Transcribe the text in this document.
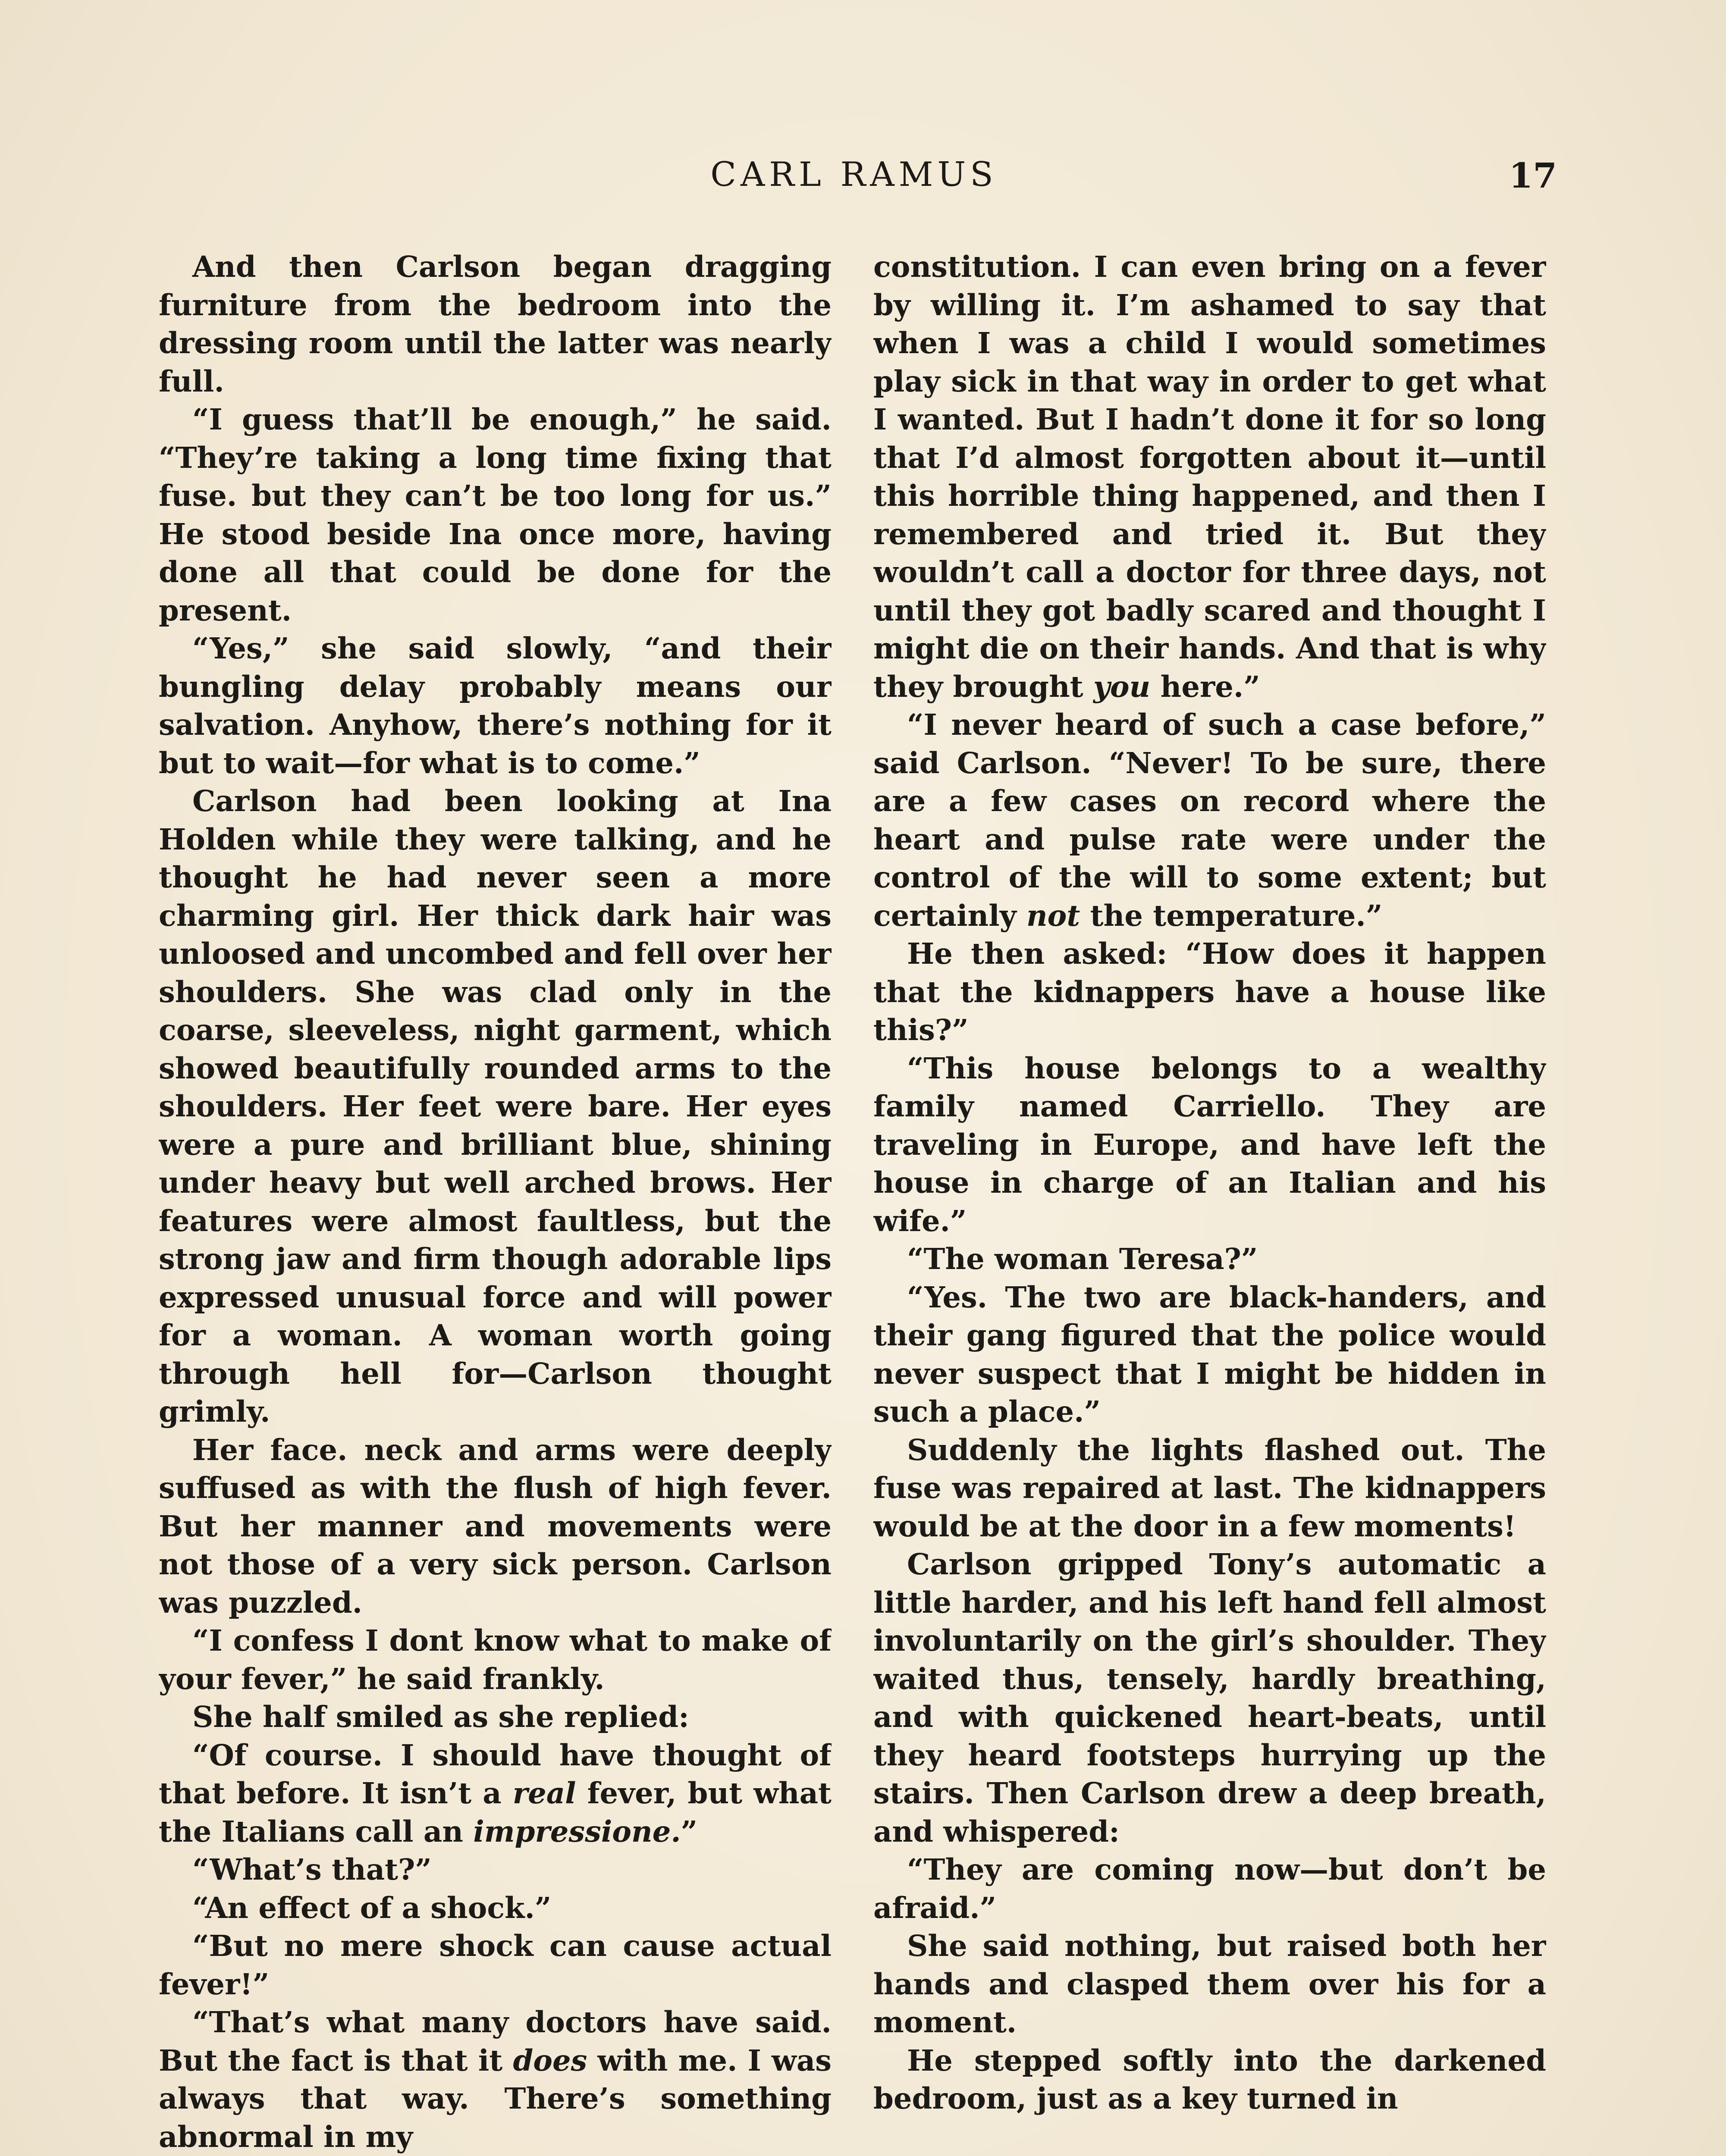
CARL RAMUS	17

And then Carlson began dragging furniture from the bedroom into the dressing room until the latter was nearly full.

“I guess that’ll be enough,” he said. “They’re taking a long time fixing that fuse. but they can’t be too long for us.” He stood beside Ina once more, having done all that could be done for the present.

“Yes,” she said slowly, “and their bungling delay probably means our salvation. Anyhow, there’s nothing for it but to wait—for what is to come.”

Carlson had been looking at Ina Holden while they were talking, and he thought he had never seen a more charming girl. Her thick dark hair was unloosed and uncombed and fell over her shoulders. She was clad only in the coarse, sleeveless, night garment, which showed beautifully rounded arms to the shoulders. Her feet were bare. Her eyes were a pure and brilliant blue, shining under heavy but well arched brows. Her features were almost faultless, but the strong jaw and firm though adorable lips expressed unusual force and will power for a woman. A woman worth going through hell for—Carlson thought grimly.

Her face. neck and arms were deeply suffused as with the flush of high fever. But her manner and movements were not those of a very sick person. Carlson was puzzled.

“I confess I dont know what to make of your fever,” he said frankly.

She half smiled as she replied:

“Of course. I should have thought of that before. It isn’t a real fever, but what the Italians call an impressione.”

“What’s that?”

“An effect of a shock.”

“But no mere shock can cause actual fever!”

“That’s what many doctors have said. But the fact is that it does with me. I was always that way. There’s something abnormal in my

constitution. I can even bring on a fever by willing it. I’m ashamed to say that when I was a child I would sometimes play sick in that way in order to get what I wanted. But I hadn’t done it for so long that I’d almost forgotten about it—until this horrible thing happened, and then I remembered and tried it. But they wouldn’t call a doctor for three days, not until they got badly scared and thought I might die on their hands. And that is why they brought you here.”

“I never heard of such a case before,” said Carlson. “Never! To be sure, there are a few cases on record where the heart and pulse rate were under the control of the will to some extent; but certainly not the temperature.”

He then asked: “How does it happen that the kidnappers have a house like this?”

“This house belongs to a wealthy family named Carriello. They are traveling in Europe, and have left the house in charge of an Italian and his wife.”

“The woman Teresa?”

“Yes. The two are black-handers, and their gang figured that the police would never suspect that I might be hidden in such a place.”

Suddenly the lights flashed out. The fuse was repaired at last. The kidnappers would be at the door in a few moments!

Carlson gripped Tony’s automatic a little harder, and his left hand fell almost involuntarily on the girl’s shoulder. They waited thus, tensely, hardly breathing, and with quickened heart-beats, until they heard footsteps hurrying up the stairs. Then Carlson drew a deep breath, and whispered:

“They are coming now—but don’t be afraid.”

She said nothing, but raised both her hands and clasped them over his for a moment.

He stepped softly into the darkened bedroom, just as a key turned in
